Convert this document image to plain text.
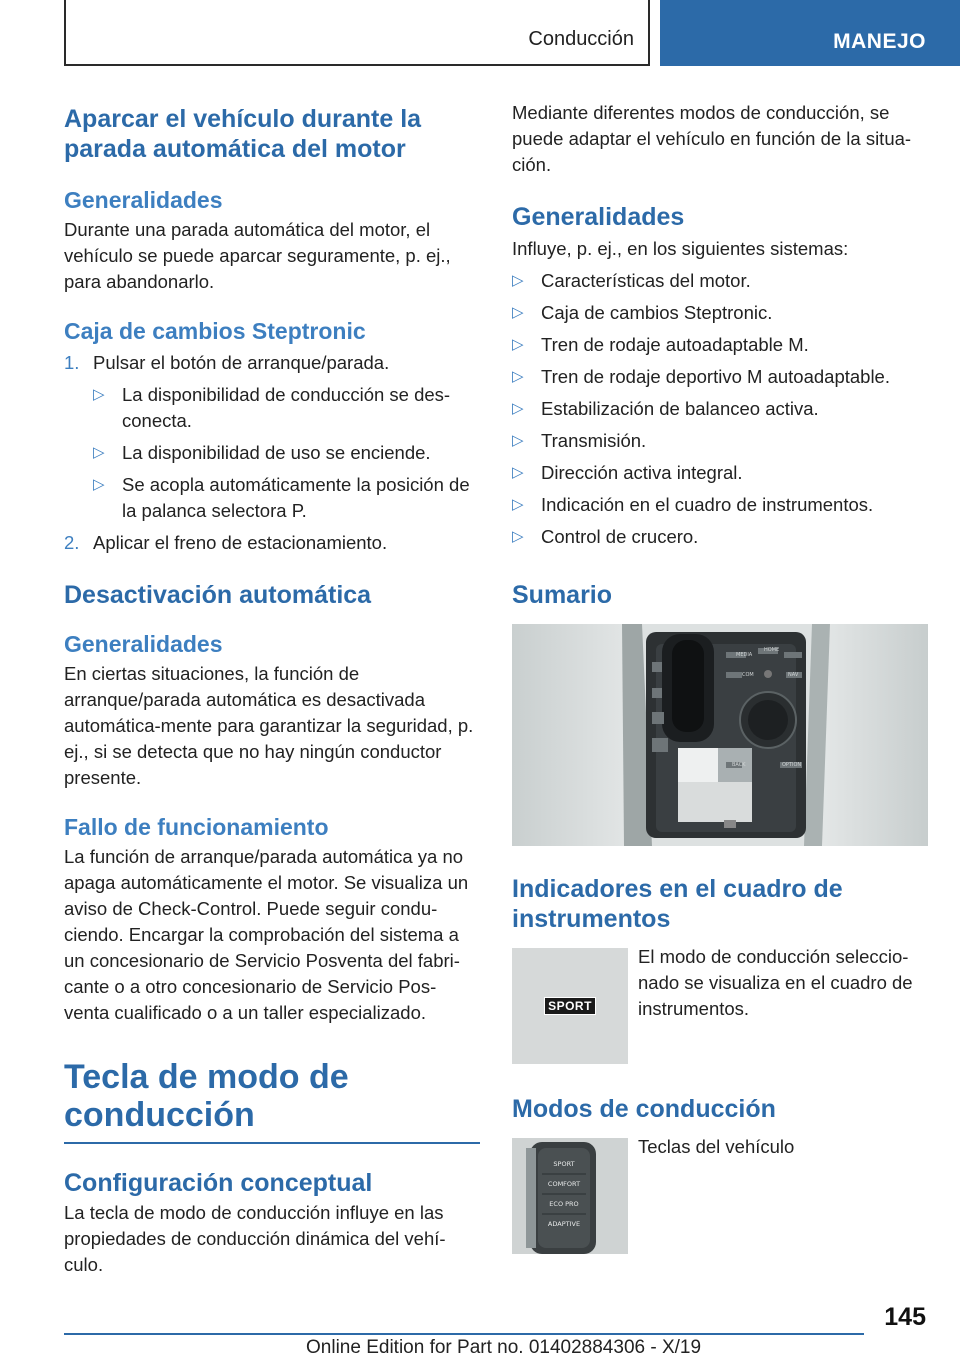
Conducción	MANEJO
Aparcar el vehículo durante la parada automática del motor
Generalidades

Durante una parada automática del motor, el vehículo se puede aparcar seguramente, p. ej., para abandonarlo.

Caja de cambios Steptronic
1. Pulsar el botón de arranque/parada.
▷ La disponibilidad de conducción se des-conecta.
▷ La disponibilidad de uso se enciende.
▷ Se acopla automáticamente la posición de la palanca selectora P.
2. Aplicar el freno de estacionamiento.
Desactivación automática
Generalidades

En ciertas situaciones, la función de arranque/parada automática es desactivada automática-mente para garantizar la seguridad, p. ej., si se detecta que no hay ningún conductor presente.

Fallo de funcionamiento

La función de arranque/parada automática ya no apaga automáticamente el motor. Se visualiza un aviso de Check-Control. Puede seguir condu-ciendo. Encargar la comprobación del sistema a un concesionario de Servicio Posventa del fabri-cante o a otro concesionario de Servicio Pos-venta cualificado o a un taller especializado.

Tecla de modo de conducción
Configuración conceptual

La tecla de modo de conducción influye en las propiedades de conducción dinámica del vehí-culo.

Mediante diferentes modos de conducción, se puede adaptar el vehículo en función de la situa-ción.

Generalidades

Influye, p. ej., en los siguientes sistemas:

▷ Características del motor.
▷ Caja de cambios Steptronic.
▷ Tren de rodaje autoadaptable M.
▷ Tren de rodaje deportivo M autoadaptable.
▷ Estabilización de balanceo activa.
▷ Transmisión.
▷ Dirección activa integral.
▷ Indicación en el cuadro de instrumentos.
▷ Control de crucero.
Sumario
MEDIA
HOME
COM	NAV
BACK	OPTION
Indicadores en el cuadro de instrumentos
SPORT

El modo de conducción seleccio-nado se visualiza en el cuadro de instrumentos.

Modos de conducción
SPORT
COMFORT
ECO PRO
ADAPTIVE

Teclas del vehículo

145
Online Edition for Part no. 01402884306 - X/19
